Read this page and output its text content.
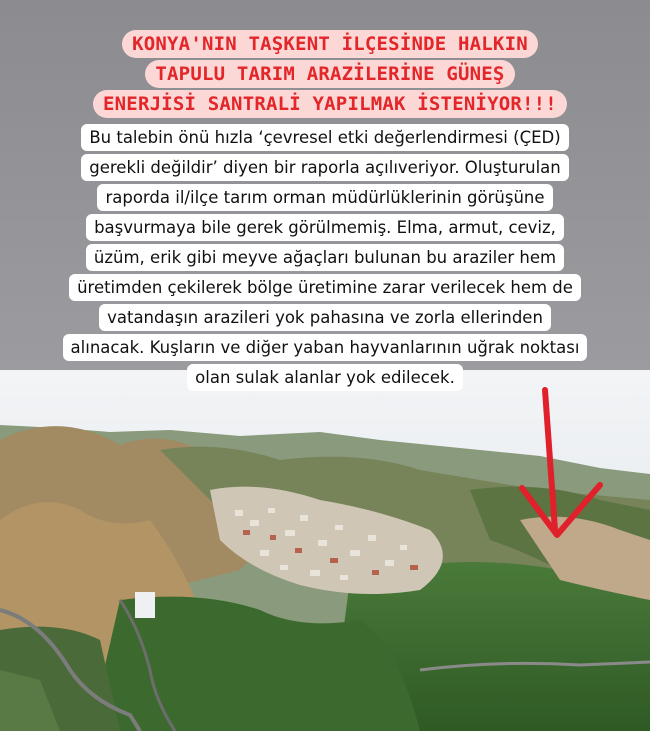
KONYA'NIN TAŞKENT İLÇESİNDE HALKIN
TAPULU TARIM ARAZİLERİNE GÜNEŞ
ENERJİSİ SANTRALİ YAPILMAK İSTENİYOR!!!
Bu talebin önü hızla ‘çevresel etki değerlendirmesi (ÇED)
gerekli değildir’ diyen bir raporla açılıveriyor. Oluşturulan
raporda il/ilçe tarım orman müdürlüklerinin görüşüne
başvurmaya bile gerek görülmemiş. Elma, armut, ceviz,
üzüm, erik gibi meyve ağaçları bulunan bu araziler hem
üretimden çekilerek bölge üretimine zarar verilecek hem de
vatandaşın arazileri yok pahasına ve zorla ellerinden
alınacak. Kuşların ve diğer yaban hayvanlarının uğrak noktası
olan sulak alanlar yok edilecek.
